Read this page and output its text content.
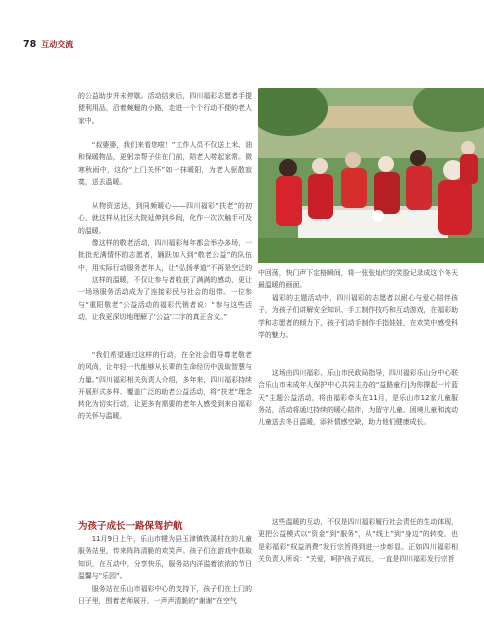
78 互动交流

的公益助步并未停歇。活动结束后，四川福彩志愿者手提便利用品，沿着蜿蜒的小路，走进一个个行动不便的老人家中。

“叔婆婆，我们来看您啦！”工作人员不仅送上米、油和保暖物品，更躬亲帮子住在门前，陪老人唠起家常。微寒秋雨中，这份“上门关怀”如一抹暖阳，为老人驱散寂寞，送去温暖。

从物资送达，到同频暖心——四川福彩“扶老”的初心，就这样从社区大院延伸到乡间，化作一次次触手可及的温暖。

像这样的敬老活动，四川福彩每年都会举办多场，一批批充满情怀的志愿者，踊跃加入到“敬老公益”的队伍中，用实际行动服务老年人，让“弘扬孝道”不再是空泛的

这样的温暖，不仅让参与者收获了满满的感动，更让一场场服务活动成为了连接彩民与社会的纽带。一位参与“重阳敬老”公益活动的福彩代销者说：“参与这些活动，让我更深切地理解了‘公益’二字的真正含义。”

“我们希望通过这样的行动，在全社会倡导尊老敬老的风尚，让年轻一代能够从长辈的生命经历中汲取智慧与力量。”四川福彩相关负责人介绍，多年来，四川福彩持续开展形式多样、覆盖广泛的助老公益活动，将“扶老”理念转化为切实行动，让更多有需要的老年人感受到来自福彩的关怀与温暖。

为孩子成长一路保驾护航

11月9日上午，乐山市犍为县玉津镇铁溪村在的儿童服务站里，传来阵阵清脆的欢笑声。孩子们在游戏中获取知识，在互动中，分享快乐，服务站内洋溢着浓浓的节日温馨与“乐园”。

服务站在乐山市福彩中心的支持下，孩子们在上门的日子里，围着老师展开，一声声清脆的“谢谢”在空气

中回荡，快门声下定格瞬间，将一张张灿烂的笑脸记录成这个冬天最温暖的画面。

福彩的主题活动中，四川福彩的志愿者以耐心与爱心陪伴孩子，为孩子们讲解安全知识、手工制作技巧和互动游戏，在福彩助学和志愿者的倾力下，孩子们动手制作手指娃娃，在欢笑中感受科学的魅力。

这场由四川福彩、乐山市民政局指导，四川福彩乐山分中心联合乐山市未成年人保护中心共同主办的“益路童行|为你撑起一片蓝天”主题公益活动，将由福彩牵头在11月，是乐山市12家儿童服务站，活动将通过持续的暖心陪伴，为留守儿童、困境儿童和流动儿童送去冬日温暖，添补情感空缺，助力他们健康成长。

这些温暖的互动，不仅是四川福彩履行社会责任的生动体现，更把公益模式以“资金”到“服务”，从“线上”到“身边”的转变，也是彩福彩“权益消费”发行宗旨得到进一步彰显。正如四川福彩相关负责人所说：“关爱，呵护孩子成长，一直是四川福彩发行宗旨
